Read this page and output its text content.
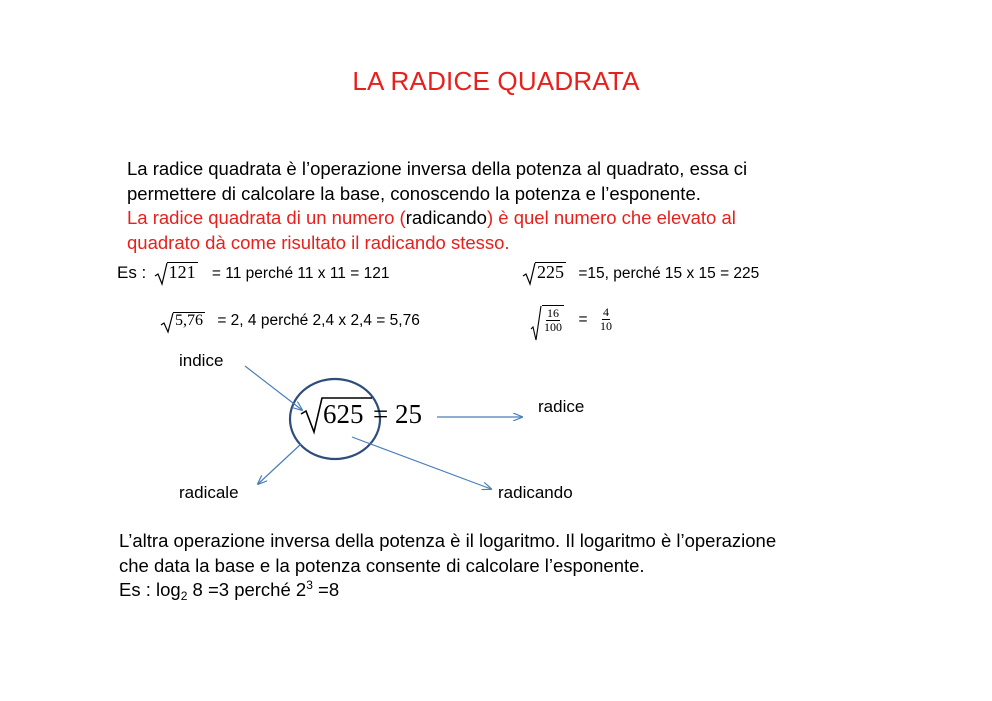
LA RADICE QUADRATA
La radice quadrata è l’operazione inversa della potenza al quadrato, essa ci
permettere di calcolare la base, conoscendo la potenza e l’esponente.
La radice quadrata di un numero (radicando) è quel numero che elevato al
quadrato dà come risultato il radicando stesso.
Es : 121 = 11 perché 11 x 11 = 121	225 =15, perché 15 x 15 = 225
5,76 = 2, 4 perché 2,4 x 2,4 = 5,76	$\frac{16}{100} = \frac{4}{10}$
indice
radice
radicale	radicando
625 = 25
L’altra operazione inversa della potenza è il logaritmo. Il logaritmo è l’operazione
che data la base e la potenza consente di calcolare l’esponente.
Es : $\log_2 8 =3$ perché $2^3 =8$
